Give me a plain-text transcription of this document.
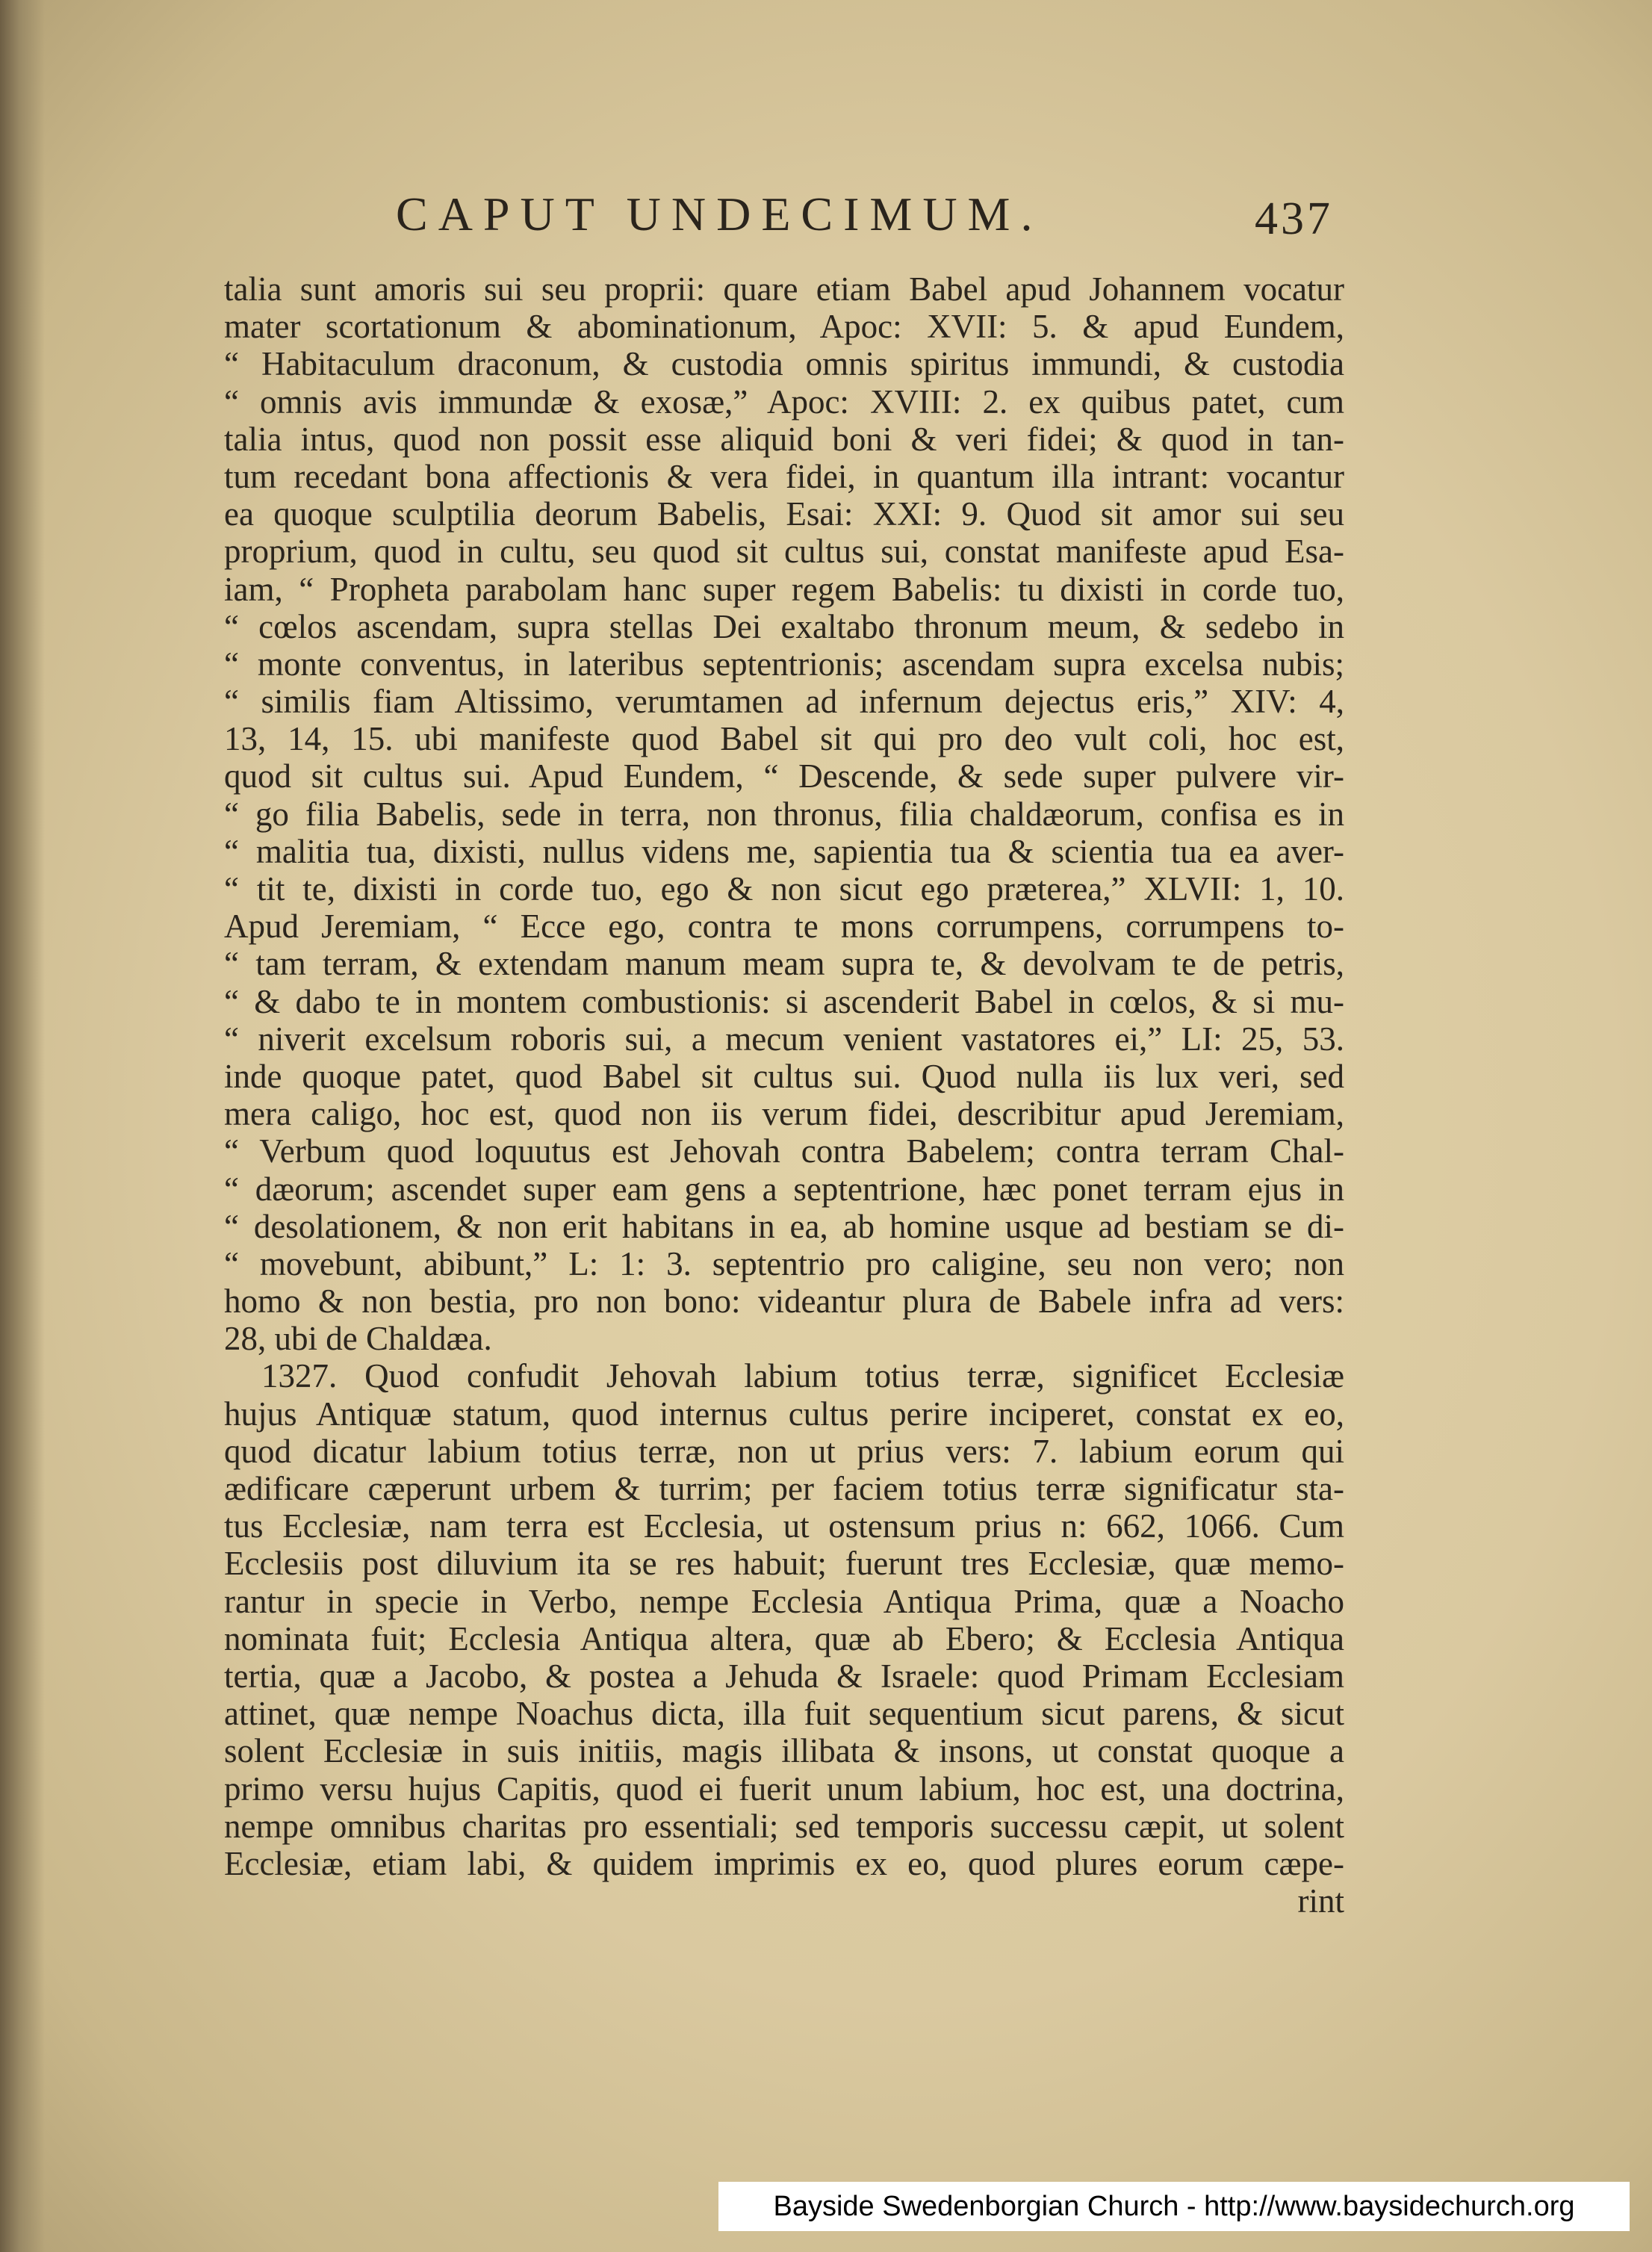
CAPUT UNDECIMUM.	437
talia sunt amoris sui seu proprii: quare etiam Babel apud Johannem vocatur
mater scortationum & abominationum, Apoc: XVII: 5. & apud Eundem,
“ Habitaculum draconum, & custodia omnis spiritus immundi, & custodia
“ omnis avis immundæ & exosæ,” Apoc: XVIII: 2. ex quibus patet, cum
talia intus, quod non possit esse aliquid boni & veri fidei; & quod in tan-
tum recedant bona affectionis & vera fidei, in quantum illa intrant: vocantur
ea quoque sculptilia deorum Babelis, Esai: XXI: 9. Quod sit amor sui seu
proprium, quod in cultu, seu quod sit cultus sui, constat manifeste apud Esa-
iam, “ Propheta parabolam hanc super regem Babelis: tu dixisti in corde tuo,
“ cœlos ascendam, supra stellas Dei exaltabo thronum meum, & sedebo in
“ monte conventus, in lateribus septentrionis; ascendam supra excelsa nubis;
“ similis fiam Altissimo, verumtamen ad infernum dejectus eris,” XIV: 4,
13, 14, 15. ubi manifeste quod Babel sit qui pro deo vult coli, hoc est,
quod sit cultus sui. Apud Eundem, “ Descende, & sede super pulvere vir-
“ go filia Babelis, sede in terra, non thronus, filia chaldæorum, confisa es in
“ malitia tua, dixisti, nullus videns me, sapientia tua & scientia tua ea aver-
“ tit te, dixisti in corde tuo, ego & non sicut ego præterea,” XLVII: 1, 10.
Apud Jeremiam, “ Ecce ego, contra te mons corrumpens, corrumpens to-
“ tam terram, & extendam manum meam supra te, & devolvam te de petris,
“ & dabo te in montem combustionis: si ascenderit Babel in cœlos, & si mu-
“ niverit excelsum roboris sui, a mecum venient vastatores ei,” LI: 25, 53.
inde quoque patet, quod Babel sit cultus sui. Quod nulla iis lux veri, sed
mera caligo, hoc est, quod non iis verum fidei, describitur apud Jeremiam,
“ Verbum quod loquutus est Jehovah contra Babelem; contra terram Chal-
“ dæorum; ascendet super eam gens a septentrione, hæc ponet terram ejus in
“ desolationem, & non erit habitans in ea, ab homine usque ad bestiam se di-
“ movebunt, abibunt,” L: 1: 3. septentrio pro caligine, seu non vero; non
homo & non bestia, pro non bono: videantur plura de Babele infra ad vers:
28, ubi de Chaldæa.
1327. Quod confudit Jehovah labium totius terræ, significet Ecclesiæ
hujus Antiquæ statum, quod internus cultus perire inciperet, constat ex eo,
quod dicatur labium totius terræ, non ut prius vers: 7. labium eorum qui
ædificare cæperunt urbem & turrim; per faciem totius terræ significatur sta-
tus Ecclesiæ, nam terra est Ecclesia, ut ostensum prius n: 662, 1066. Cum
Ecclesiis post diluvium ita se res habuit; fuerunt tres Ecclesiæ, quæ memo-
rantur in specie in Verbo, nempe Ecclesia Antiqua Prima, quæ a Noacho
nominata fuit; Ecclesia Antiqua altera, quæ ab Ebero; & Ecclesia Antiqua
tertia, quæ a Jacobo, & postea a Jehuda & Israele: quod Primam Ecclesiam
attinet, quæ nempe Noachus dicta, illa fuit sequentium sicut parens, & sicut
solent Ecclesiæ in suis initiis, magis illibata & insons, ut constat quoque a
primo versu hujus Capitis, quod ei fuerit unum labium, hoc est, una doctrina,
nempe omnibus charitas pro essentiali; sed temporis successu cæpit, ut solent
Ecclesiæ, etiam labi, & quidem imprimis ex eo, quod plures eorum cæpe-
rint
Bayside Swedenborgian Church - http://www.baysidechurch.org
